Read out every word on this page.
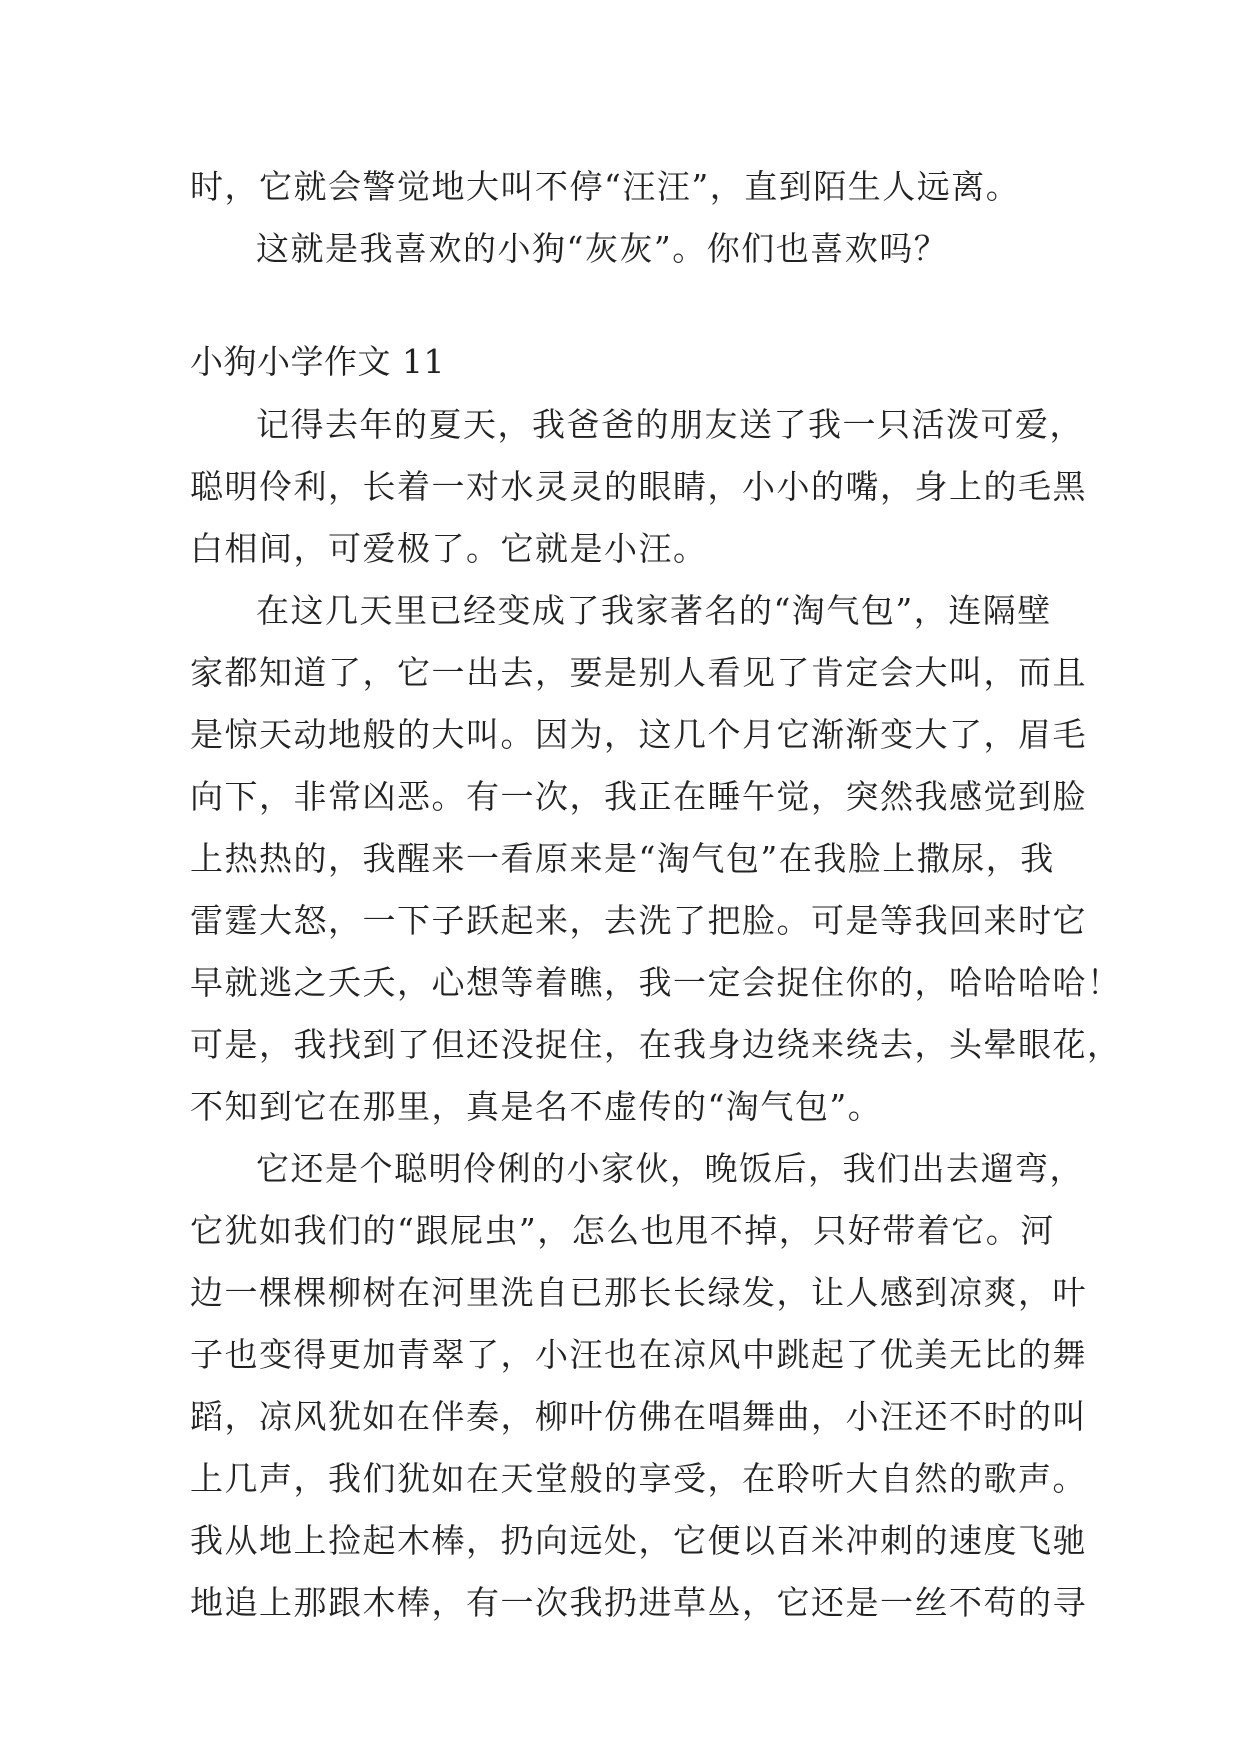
时，它就会警觉地大叫不停“汪汪”，直到陌生人远离。
这就是我喜欢的小狗“灰灰”。你们也喜欢吗？
小狗小学作文 11
记得去年的夏天，我爸爸的朋友送了我一只活泼可爱，
聪明伶利，长着一对水灵灵的眼睛，小小的嘴，身上的毛黑
白相间，可爱极了。它就是小汪。
在这几天里已经变成了我家著名的“淘气包”，连隔壁
家都知道了，它一出去，要是别人看见了肯定会大叫，而且
是惊天动地般的大叫。因为，这几个月它渐渐变大了，眉毛
向下，非常凶恶。有一次，我正在睡午觉，突然我感觉到脸
上热热的，我醒来一看原来是“淘气包”在我脸上撒尿，我
雷霆大怒，一下子跃起来，去洗了把脸。可是等我回来时它
早就逃之夭夭，心想等着瞧，我一定会捉住你的，哈哈哈哈！
可是，我找到了但还没捉住，在我身边绕来绕去，头晕眼花，
不知到它在那里，真是名不虚传的“淘气包”。
它还是个聪明伶俐的小家伙，晚饭后，我们出去遛弯，
它犹如我们的“跟屁虫”，怎么也甩不掉，只好带着它。河
边一棵棵柳树在河里洗自已那长长绿发，让人感到凉爽，叶
子也变得更加青翠了，小汪也在凉风中跳起了优美无比的舞
蹈，凉风犹如在伴奏，柳叶仿佛在唱舞曲，小汪还不时的叫
上几声，我们犹如在天堂般的享受，在聆听大自然的歌声。
我从地上捡起木棒，扔向远处，它便以百米冲刺的速度飞驰
地追上那跟木棒，有一次我扔进草丛，它还是一丝不苟的寻
